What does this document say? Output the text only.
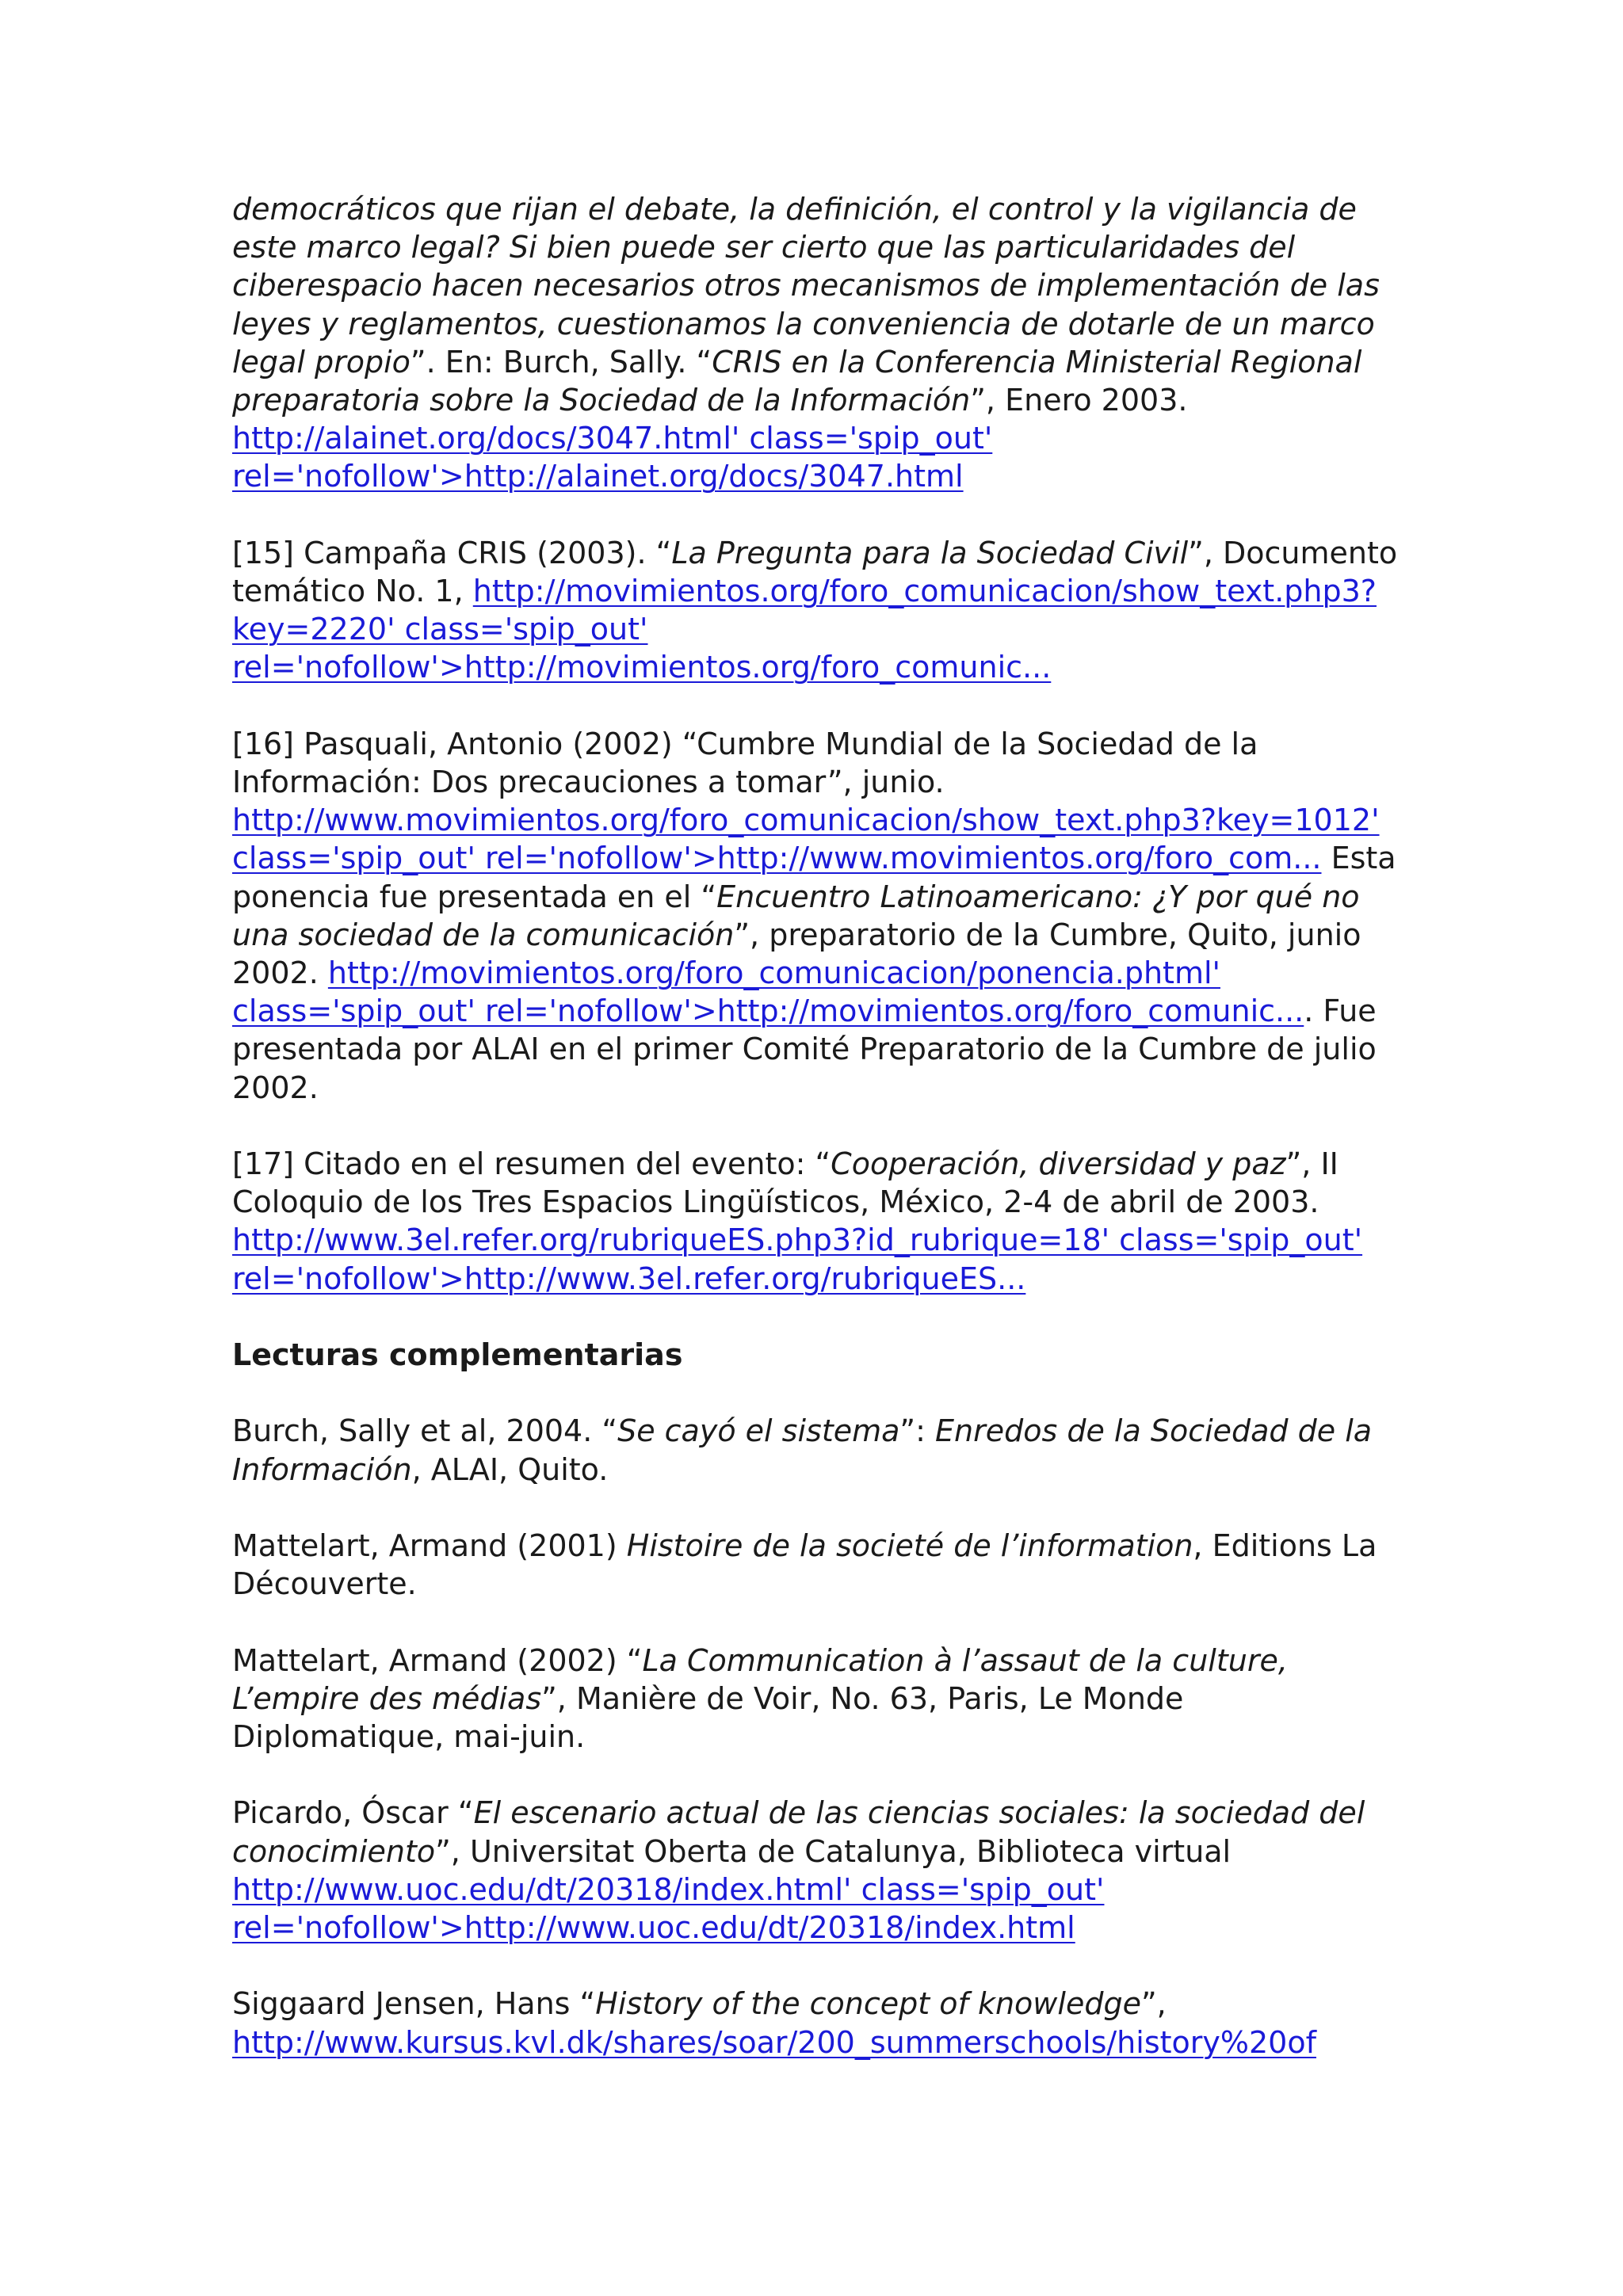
democráticos que rijan el debate, la definición, el control y la vigilancia de
este marco legal? Si bien puede ser cierto que las particularidades del
ciberespacio hacen necesarios otros mecanismos de implementación de las
leyes y reglamentos, cuestionamos la conveniencia de dotarle de un marco
legal propio”. En: Burch, Sally. “CRIS en la Conferencia Ministerial Regional
preparatoria sobre la Sociedad de la Información”, Enero 2003.
http://alainet.org/docs/3047.html' class='spip_out'
rel='nofollow'>http://alainet.org/docs/3047.html
[15] Campaña CRIS (2003). “La Pregunta para la Sociedad Civil”, Documento
temático No. 1, http://movimientos.org/foro_comunicacion/show_text.php3?
key=2220' class='spip_out'
rel='nofollow'>http://movimientos.org/foro_comunic...
[16] Pasquali, Antonio (2002) “Cumbre Mundial de la Sociedad de la
Información: Dos precauciones a tomar”, junio.
http://www.movimientos.org/foro_comunicacion/show_text.php3?key=1012'
class='spip_out' rel='nofollow'>http://www.movimientos.org/foro_com... Esta
ponencia fue presentada en el “Encuentro Latinoamericano: ¿Y por qué no
una sociedad de la comunicación”, preparatorio de la Cumbre, Quito, junio
2002. http://movimientos.org/foro_comunicacion/ponencia.phtml'
class='spip_out' rel='nofollow'>http://movimientos.org/foro_comunic.... Fue
presentada por ALAI en el primer Comité Preparatorio de la Cumbre de julio
2002.
[17] Citado en el resumen del evento: “Cooperación, diversidad y paz”, II
Coloquio de los Tres Espacios Lingüísticos, México, 2-4 de abril de 2003.
http://www.3el.refer.org/rubriqueES.php3?id_rubrique=18' class='spip_out'
rel='nofollow'>http://www.3el.refer.org/rubriqueES...
Lecturas complementarias
Burch, Sally et al, 2004. “Se cayó el sistema”: Enredos de la Sociedad de la
Información, ALAI, Quito.
Mattelart, Armand (2001) Histoire de la societé de l’information, Editions La
Découverte.
Mattelart, Armand (2002) “La Communication à l’assaut de la culture,
L’empire des médias”, Manière de Voir, No. 63, Paris, Le Monde
Diplomatique, mai-juin.
Picardo, Óscar “El escenario actual de las ciencias sociales: la sociedad del
conocimiento”, Universitat Oberta de Catalunya, Biblioteca virtual
http://www.uoc.edu/dt/20318/index.html' class='spip_out'
rel='nofollow'>http://www.uoc.edu/dt/20318/index.html
Siggaard Jensen, Hans “History of the concept of knowledge”,
http://www.kursus.kvl.dk/shares/soar/200_summerschools/history%20of
